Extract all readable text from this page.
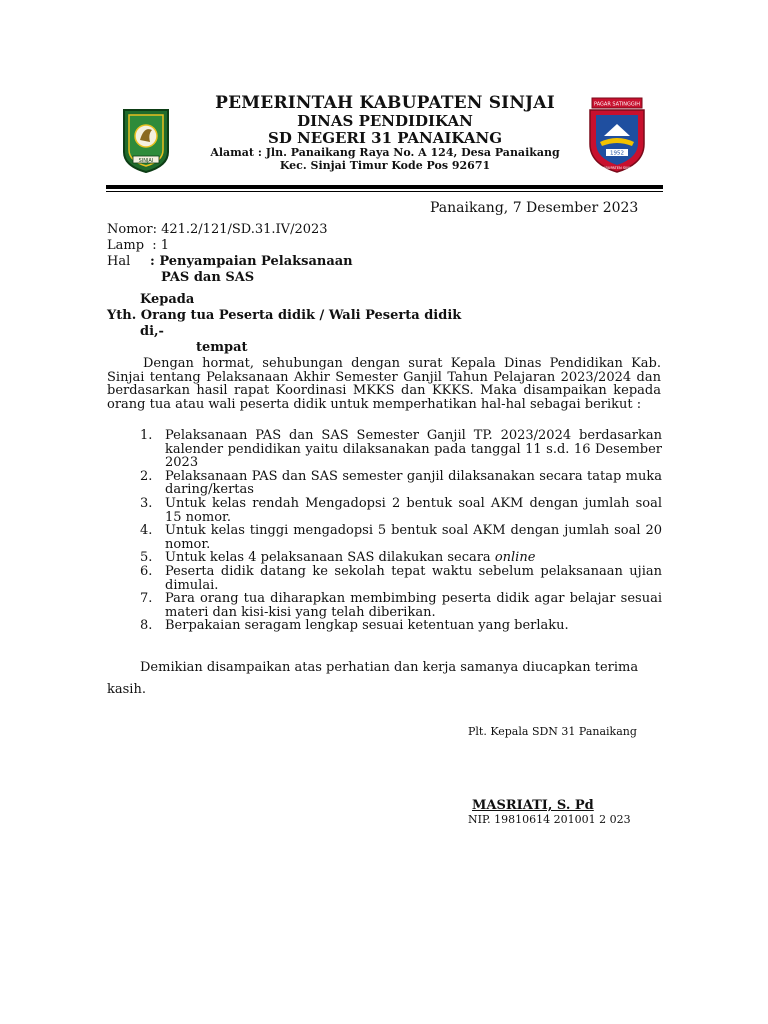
SINJAI
PEMERINTAH KABUPATEN SINJAI
DINAS PENDIDIKAN
SD NEGERI 31 PANAIKANG
Alamat : Jln. Panaikang Raya No. A 124, Desa Panaikang
Kec. Sinjai Timur Kode Pos 92671
PAGAR SATINGGIH
1952
KABUPATEN SINJAI
Panaikang, 7 Desember 2023
Nomor: 421.2/121/SD.31.IV/2023
Lamp  : 1
Hal : Penyampaian Pelaksanaan
PAS dan SAS
Kepada
Yth. Orang tua Peserta didik / Wali Peserta didik
di,-
tempat
Dengan hormat, sehubungan dengan surat Kepala Dinas Pendidikan Kab. Sinjai tentang Pelaksanaan Akhir Semester Ganjil Tahun Pelajaran 2023/2024 dan berdasarkan hasil rapat Koordinasi MKKS dan KKKS. Maka disampaikan kepada orang tua atau wali peserta didik untuk memperhatikan hal-hal sebagai berikut :
1. Pelaksanaan PAS dan SAS Semester Ganjil TP. 2023/2024 berdasarkan kalender pendidikan yaitu dilaksanakan pada tanggal 11 s.d. 16 Desember 2023
2. Pelaksanaan PAS dan SAS semester ganjil dilaksanakan secara tatap muka daring/kertas
3. Untuk kelas rendah Mengadopsi 2 bentuk soal AKM dengan jumlah soal 15 nomor.
4. Untuk kelas tinggi mengadopsi 5 bentuk soal AKM dengan jumlah soal 20 nomor.
5. Untuk kelas 4 pelaksanaan SAS dilakukan secara online
6. Peserta didik datang ke sekolah tepat waktu sebelum pelaksanaan ujian dimulai.
7. Para orang tua diharapkan membimbing peserta didik agar belajar sesuai materi dan kisi-kisi yang telah diberikan.
8. Berpakaian seragam lengkap sesuai ketentuan yang berlaku.
Demikian disampaikan atas perhatian dan kerja samanya diucapkan terima
kasih.
Plt. Kepala SDN 31 Panaikang
MASRIATI, S. Pd
NIP. 19810614 201001 2 023
